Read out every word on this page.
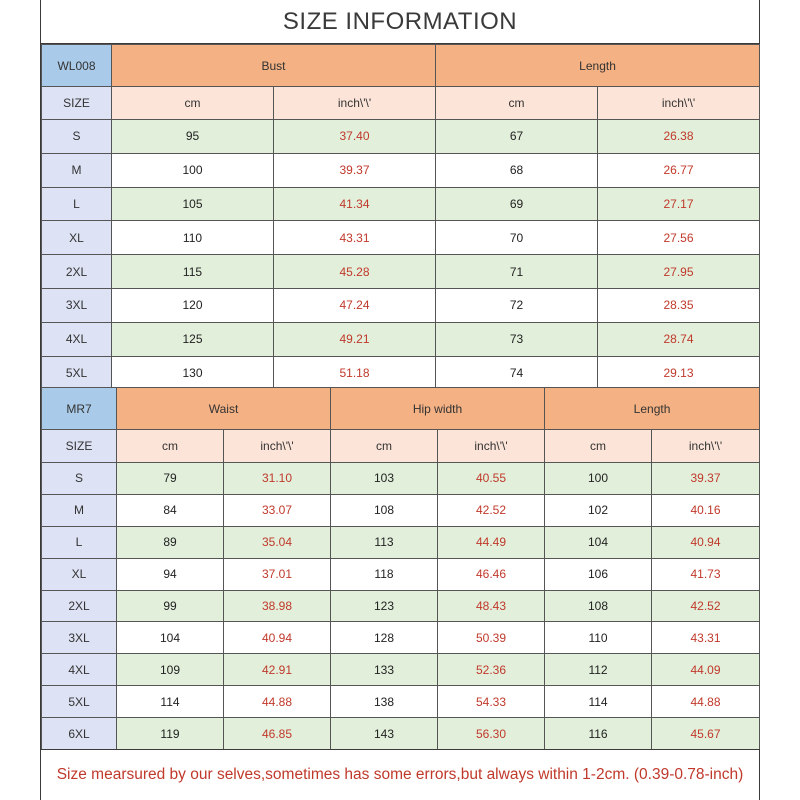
SIZE INFORMATION
WL008	Bust		Length	
SIZE	cm	inch\'\'	cm	inch\'\'
S	95	37.40	67	26.38
M	100	39.37	68	26.77
L	105	41.34	69	27.17
XL	110	43.31	70	27.56
2XL	115	45.28	71	27.95
3XL	120	47.24	72	28.35
4XL	125	49.21	73	28.74
5XL	130	51.18	74	29.13
MR7	Waist		Hip width		Length	
SIZE	cm	inch\'\'	cm	inch\'\'	cm	inch\'\'
S	79	31.10	103	40.55	100	39.37
M	84	33.07	108	42.52	102	40.16
L	89	35.04	113	44.49	104	40.94
XL	94	37.01	118	46.46	106	41.73
2XL	99	38.98	123	48.43	108	42.52
3XL	104	40.94	128	50.39	110	43.31
4XL	109	42.91	133	52.36	112	44.09
5XL	114	44.88	138	54.33	114	44.88
6XL	119	46.85	143	56.30	116	45.67
Size mearsured by our selves,sometimes has some errors,but always within 1-2cm. (0.39-0.78-inch)
